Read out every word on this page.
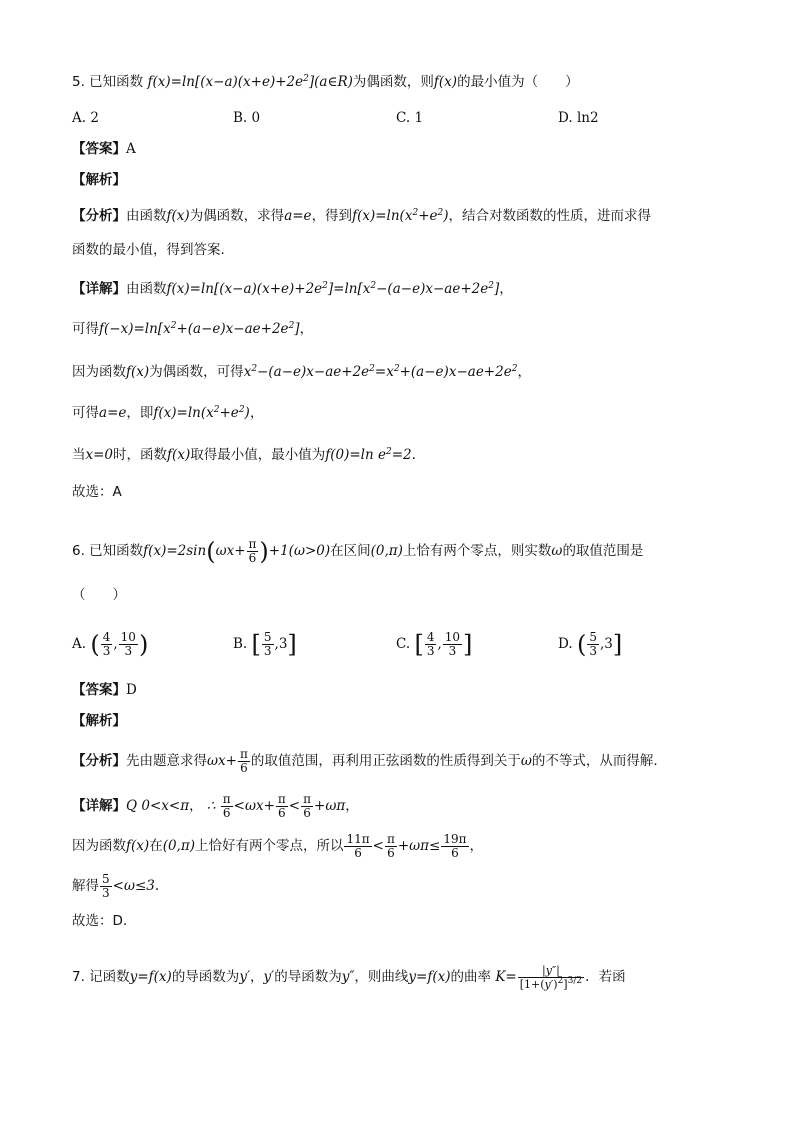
5. 已知函数 $f(x)=\ln[(x-a)(x+e)+2e^2](a\in R)$为偶函数，则f(x)的最小值为（　　）
A. 2	B. 0	C. 1	D. ln2
【答案】A
【解析】
【分析】由函数f(x)为偶函数，求得a=e，得到$f(x)=\ln(x^2+e^2)$，结合对数函数的性质，进而求得
函数的最小值，得到答案.
【详解】由函数$f(x)=\ln[(x-a)(x+e)+2e^2]=\ln[x^2-(a-e)x-ae+2e^2]$，
可得$f(-x)=\ln[x^2+(a-e)x-ae+2e^2]$，
因为函数f(x)为偶函数，可得$x^2-(a-e)x-ae+2e^2=x^2+(a-e)x-ae+2e^2$，
可得a=e，即$f(x)=\ln(x^2+e^2)$，
当x=0时，函数f(x)取得最小值，最小值为f(0)=ln $e^2=2$.
故选：A
6. 已知函数$f(x)=2\sin(\omega x+ \frac{\pi}{6} )+1(\omega>0)$在区间(0,π)上恰有两个零点，则实数ω的取值范围是
（　　）
A. ( $\frac{4}{3}$ , $\frac{10}{3}$ )	B. [ $\frac{5}{3} ,3$]	C. [ $\frac{4}{3}$ , $\frac{10}{3}$ ]	D. ( $\frac{5}{3} ,3$]
【答案】D
【解析】
【分析】先由题意求得$\omega x+ \frac{\pi}{6}$ 的取值范围，再利用正弦函数的性质得到关于ω的不等式，从而得解.
【详解】Q 0<x<π， ∴ $\frac{\pi}{6} <\omega x+ \frac{\pi}{6} < \frac{\pi}{6} +\omega\pi$，
因为函数f(x)在(0,π)上恰好有两个零点，所以 $\frac{11\pi}{6} < \frac{\pi}{6} +\omega\pi\le \frac{19\pi}{6}$ ，
解得 $\frac{5}{3} <\omega\le 3$.
故选：D.
7. 记函数y=f(x)的导函数为y′，y′的导函数为y″，则曲线y=f(x)的曲率 $K= \frac{|y''|}{[1+(y')^2]^{3/2}}$ ．若函
